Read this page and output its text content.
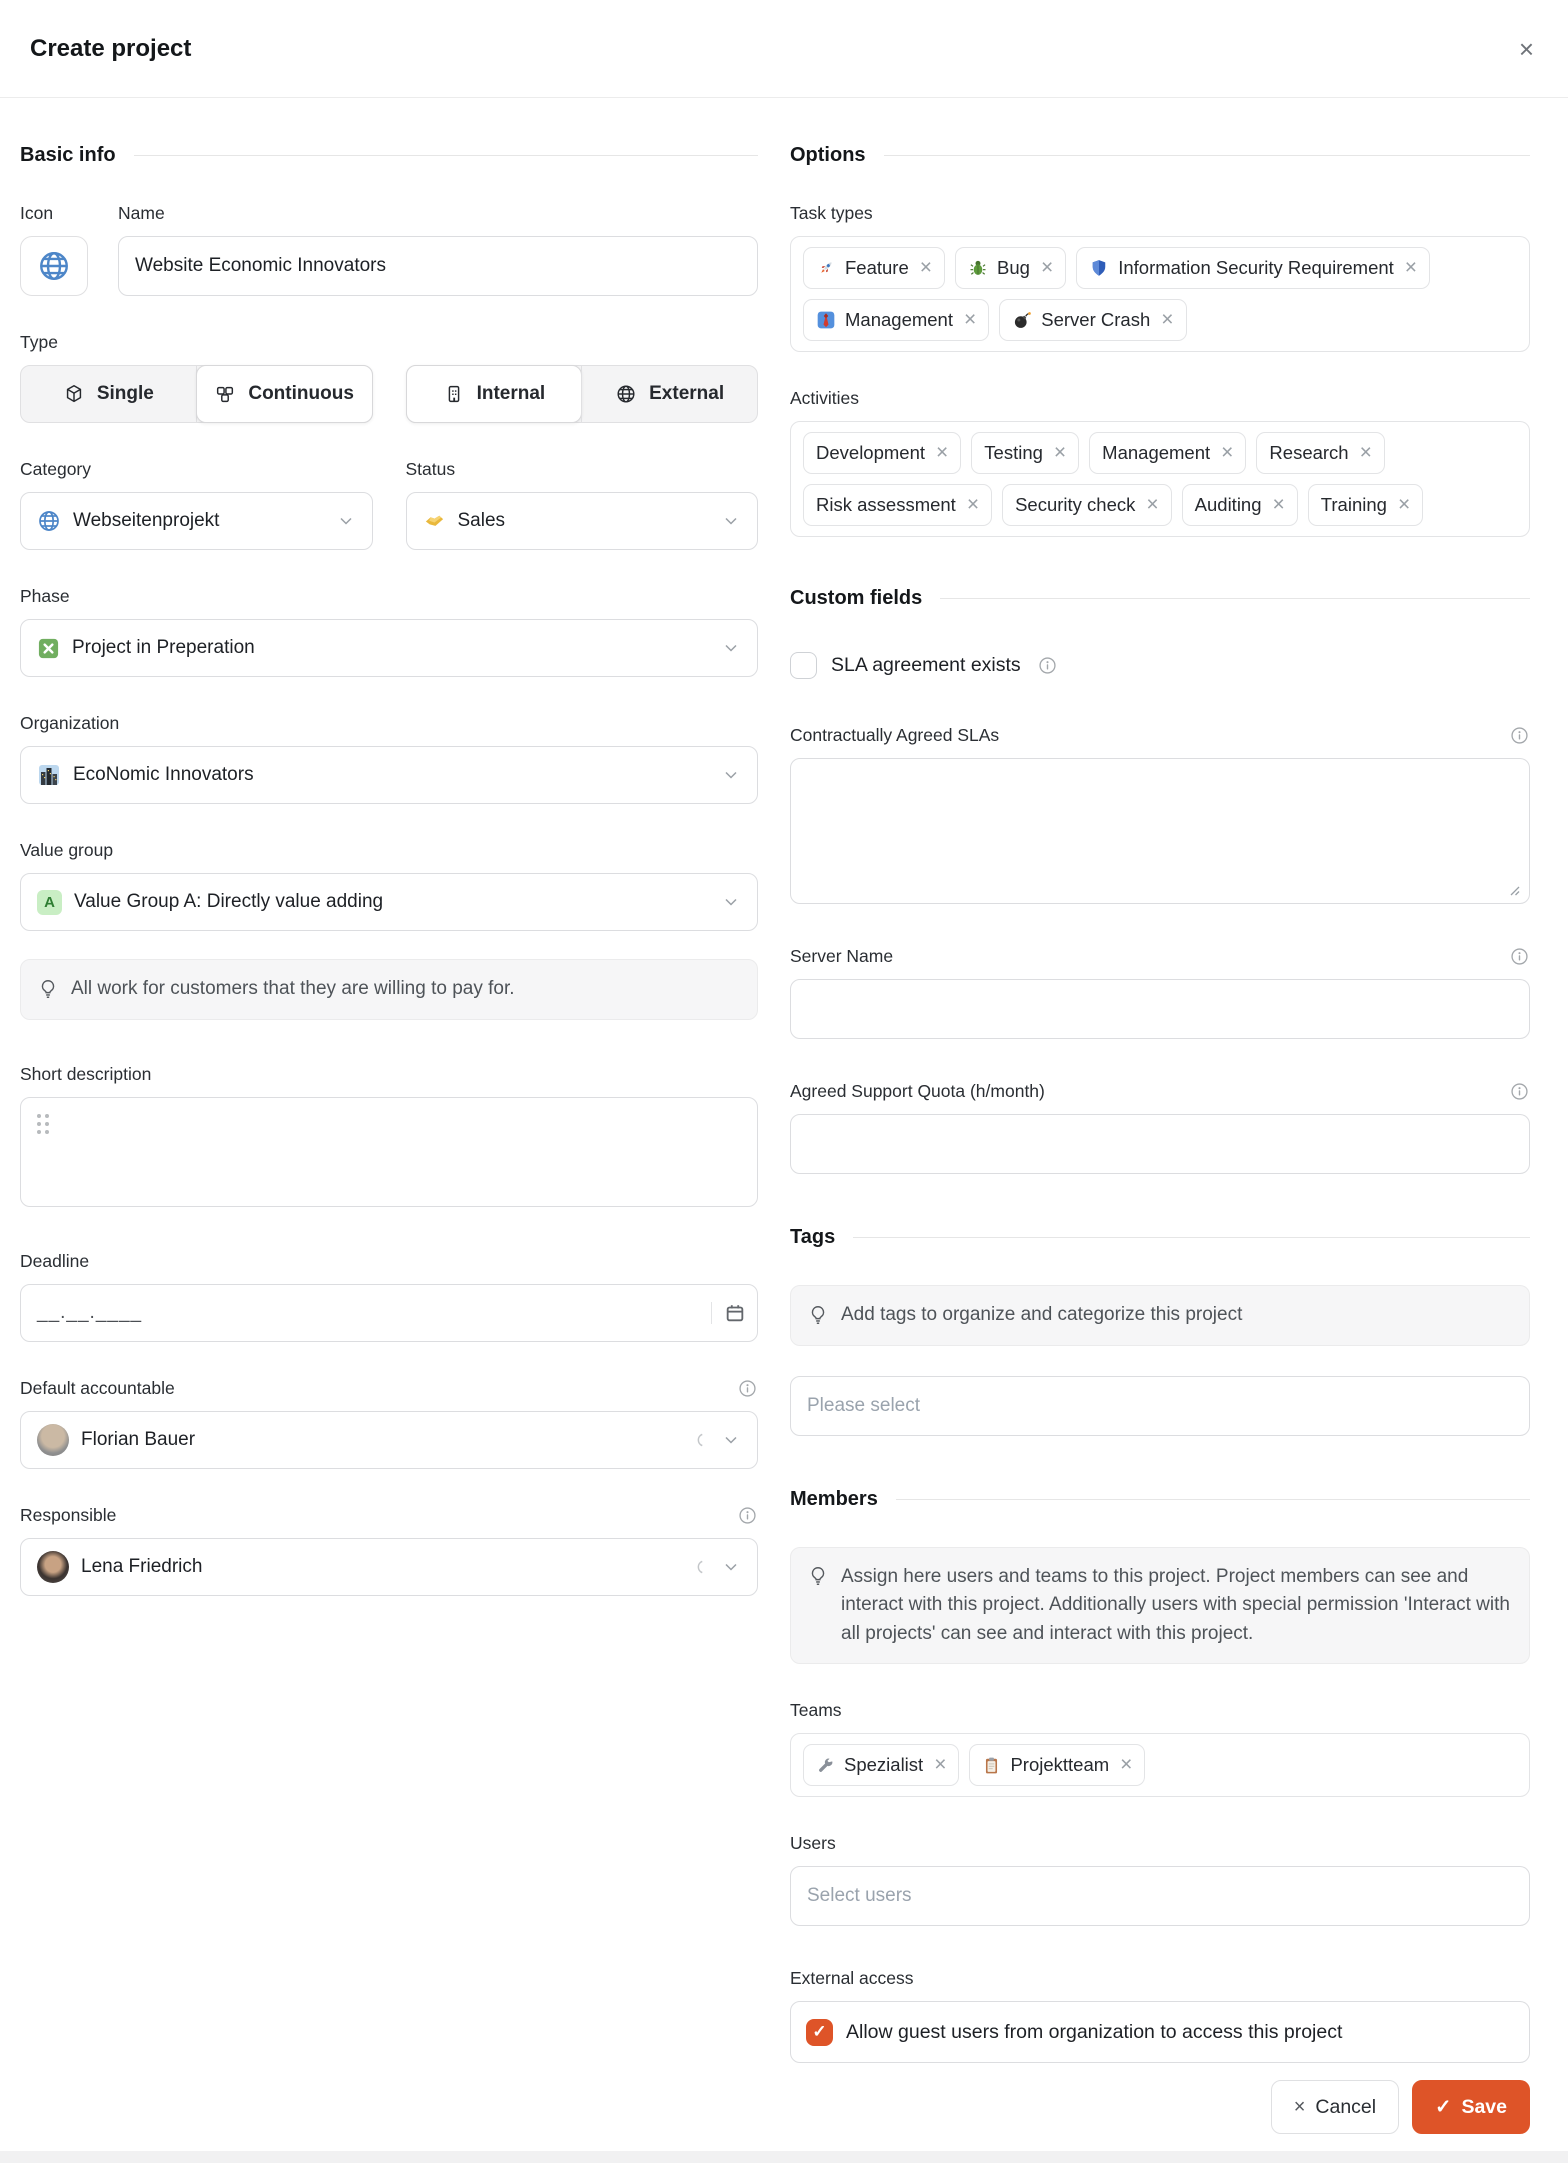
Create project	×
Basic info
Icon	Name
Website Economic Innovators
Type
Single	Continuous	Internal	External
Category
Webseitenprojekt
Status
Sales
Phase
Project in Preperation
Organization
EcoNomic Innovators
Value group
A	Value Group A: Directly value adding
All work for customers that they are willing to pay for.
Short description
Deadline
__.__.____
Default accountable
Florian Bauer
Responsible
Lena Friedrich
Options
Task types
Feature ×	Bug ×	Information Security Requirement ×
Management ×	Server Crash ×
Activities
Development × Testing × Management × Research ×
Risk assessment × Security check × Auditing × Training ×
Custom fields
SLA agreement exists
Contractually Agreed SLAs
Server Name
Agreed Support Quota (h/month)
Tags
Add tags to organize and categorize this project
Please select
Members
Assign here users and teams to this project. Project members can see and interact with this project. Additionally users with special permission 'Interact with all projects' can see and interact with this project.
Teams
Spezialist ×	Projektteam ×
Users
Select users
External access
✓ Allow guest users from organization to access this project
× Cancel	✓ Save
